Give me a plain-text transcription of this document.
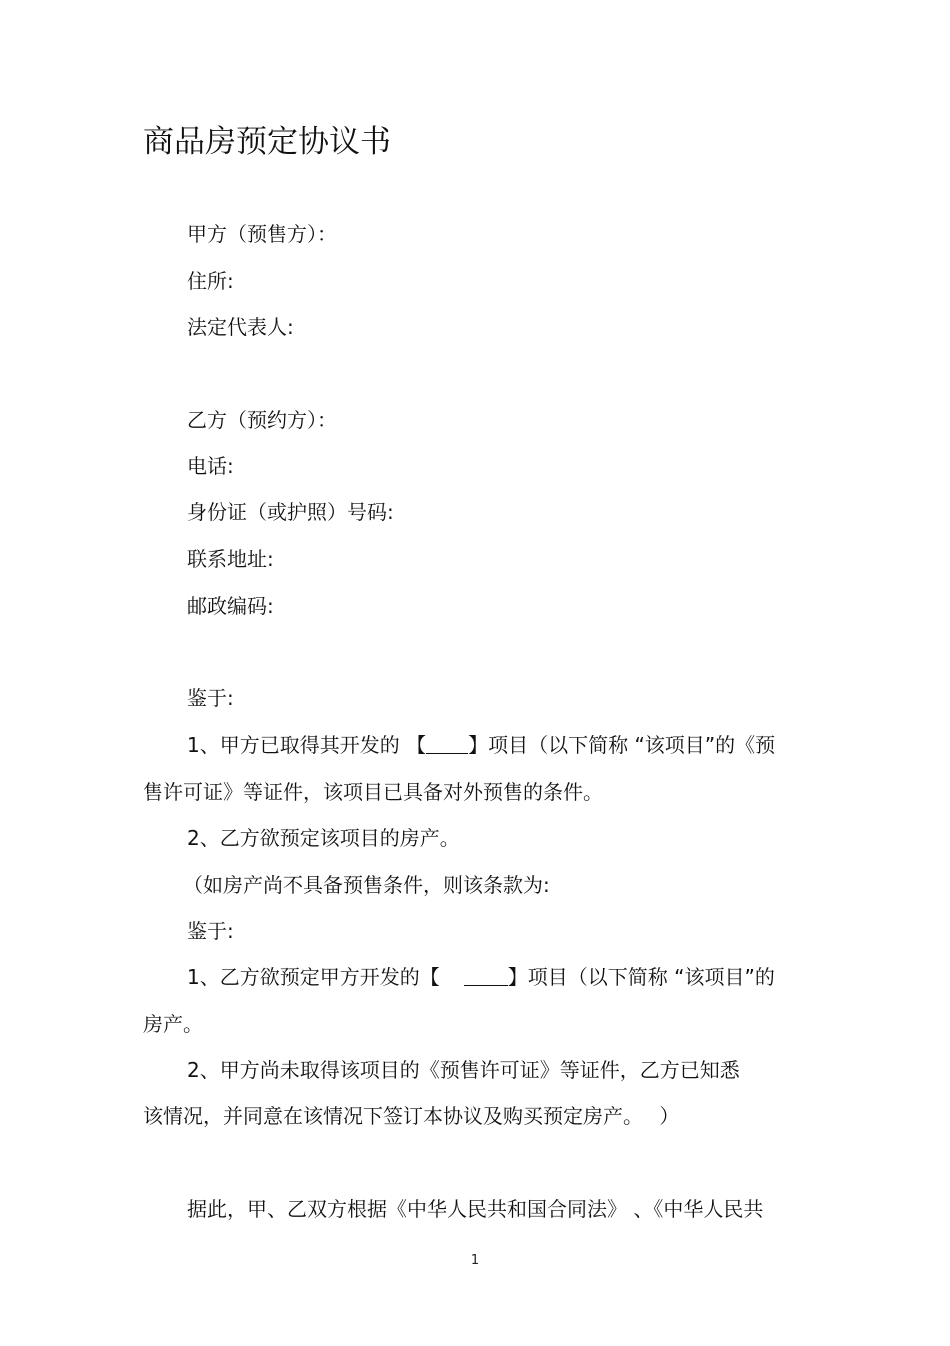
商品房预定协议书
甲方（预售方）：
住所:
法定代表人:
乙方（预约方）：
电话:
身份证（或护照）号码:
联系地址:
邮政编码:
鉴于:
1、甲方已取得其开发的 【 】项目（以下简称 “该项目”的《预
售许可证》等证件，该项目已具备对外预售的条件。
2、乙方欲预定该项目的房产。
（如房产尚不具备预售条件，则该条款为:
鉴于:
1、乙方欲预定甲方开发的【	】项目（以下简称 “该项目”的
房产。
2、甲方尚未取得该项目的《预售许可证》等证件，乙方已知悉
该情况，并同意在该情况下签订本协议及购买预定房产。　 ）
据此，甲、乙双方根据《中华人民共和国合同法》 、《中华人民共
1
